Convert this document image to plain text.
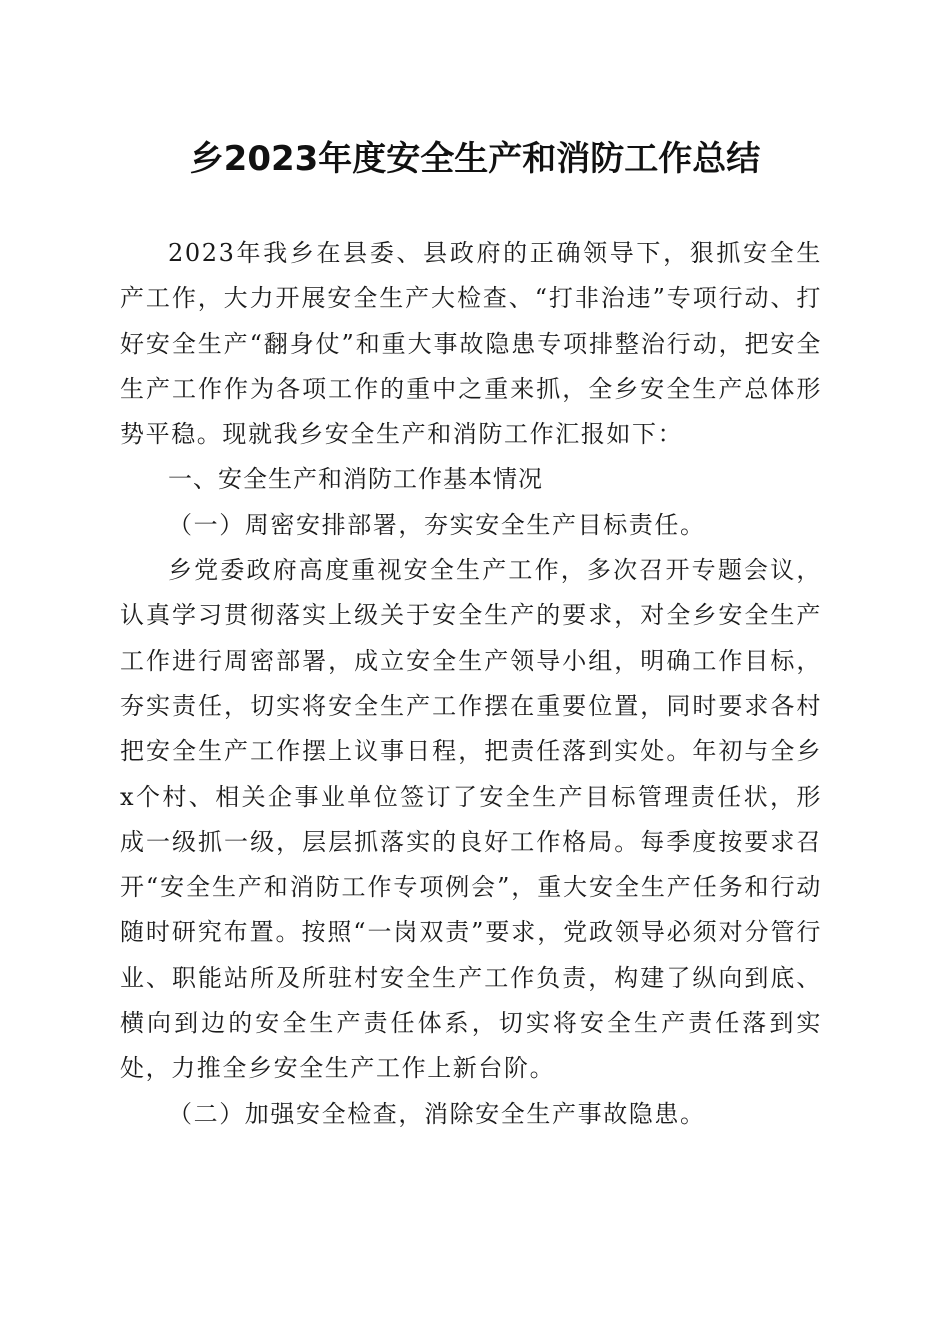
乡2023年度安全生产和消防工作总结

2023年我乡在县委、县政府的正确领导下，狠抓安全生产工作，大力开展安全生产大检查、“打非治违”专项行动、打好安全生产“翻身仗”和重大事故隐患专项排整治行动，把安全生产工作作为各项工作的重中之重来抓，全乡安全生产总体形势平稳。现就我乡安全生产和消防工作汇报如下：

一、安全生产和消防工作基本情况

（一）周密安排部署，夯实安全生产目标责任。

乡党委政府高度重视安全生产工作，多次召开专题会议，认真学习贯彻落实上级关于安全生产的要求，对全乡安全生产工作进行周密部署，成立安全生产领导小组，明确工作目标，夯实责任，切实将安全生产工作摆在重要位置，同时要求各村把安全生产工作摆上议事日程，把责任落到实处。年初与全乡x个村、相关企事业单位签订了安全生产目标管理责任状，形成一级抓一级，层层抓落实的良好工作格局。每季度按要求召开“安全生产和消防工作专项例会”，重大安全生产任务和行动随时研究布置。按照“一岗双责”要求，党政领导必须对分管行业、职能站所及所驻村安全生产工作负责，构建了纵向到底、横向到边的安全生产责任体系，切实将安全生产责任落到实处，力推全乡安全生产工作上新台阶。

（二）加强安全检查，消除安全生产事故隐患。
